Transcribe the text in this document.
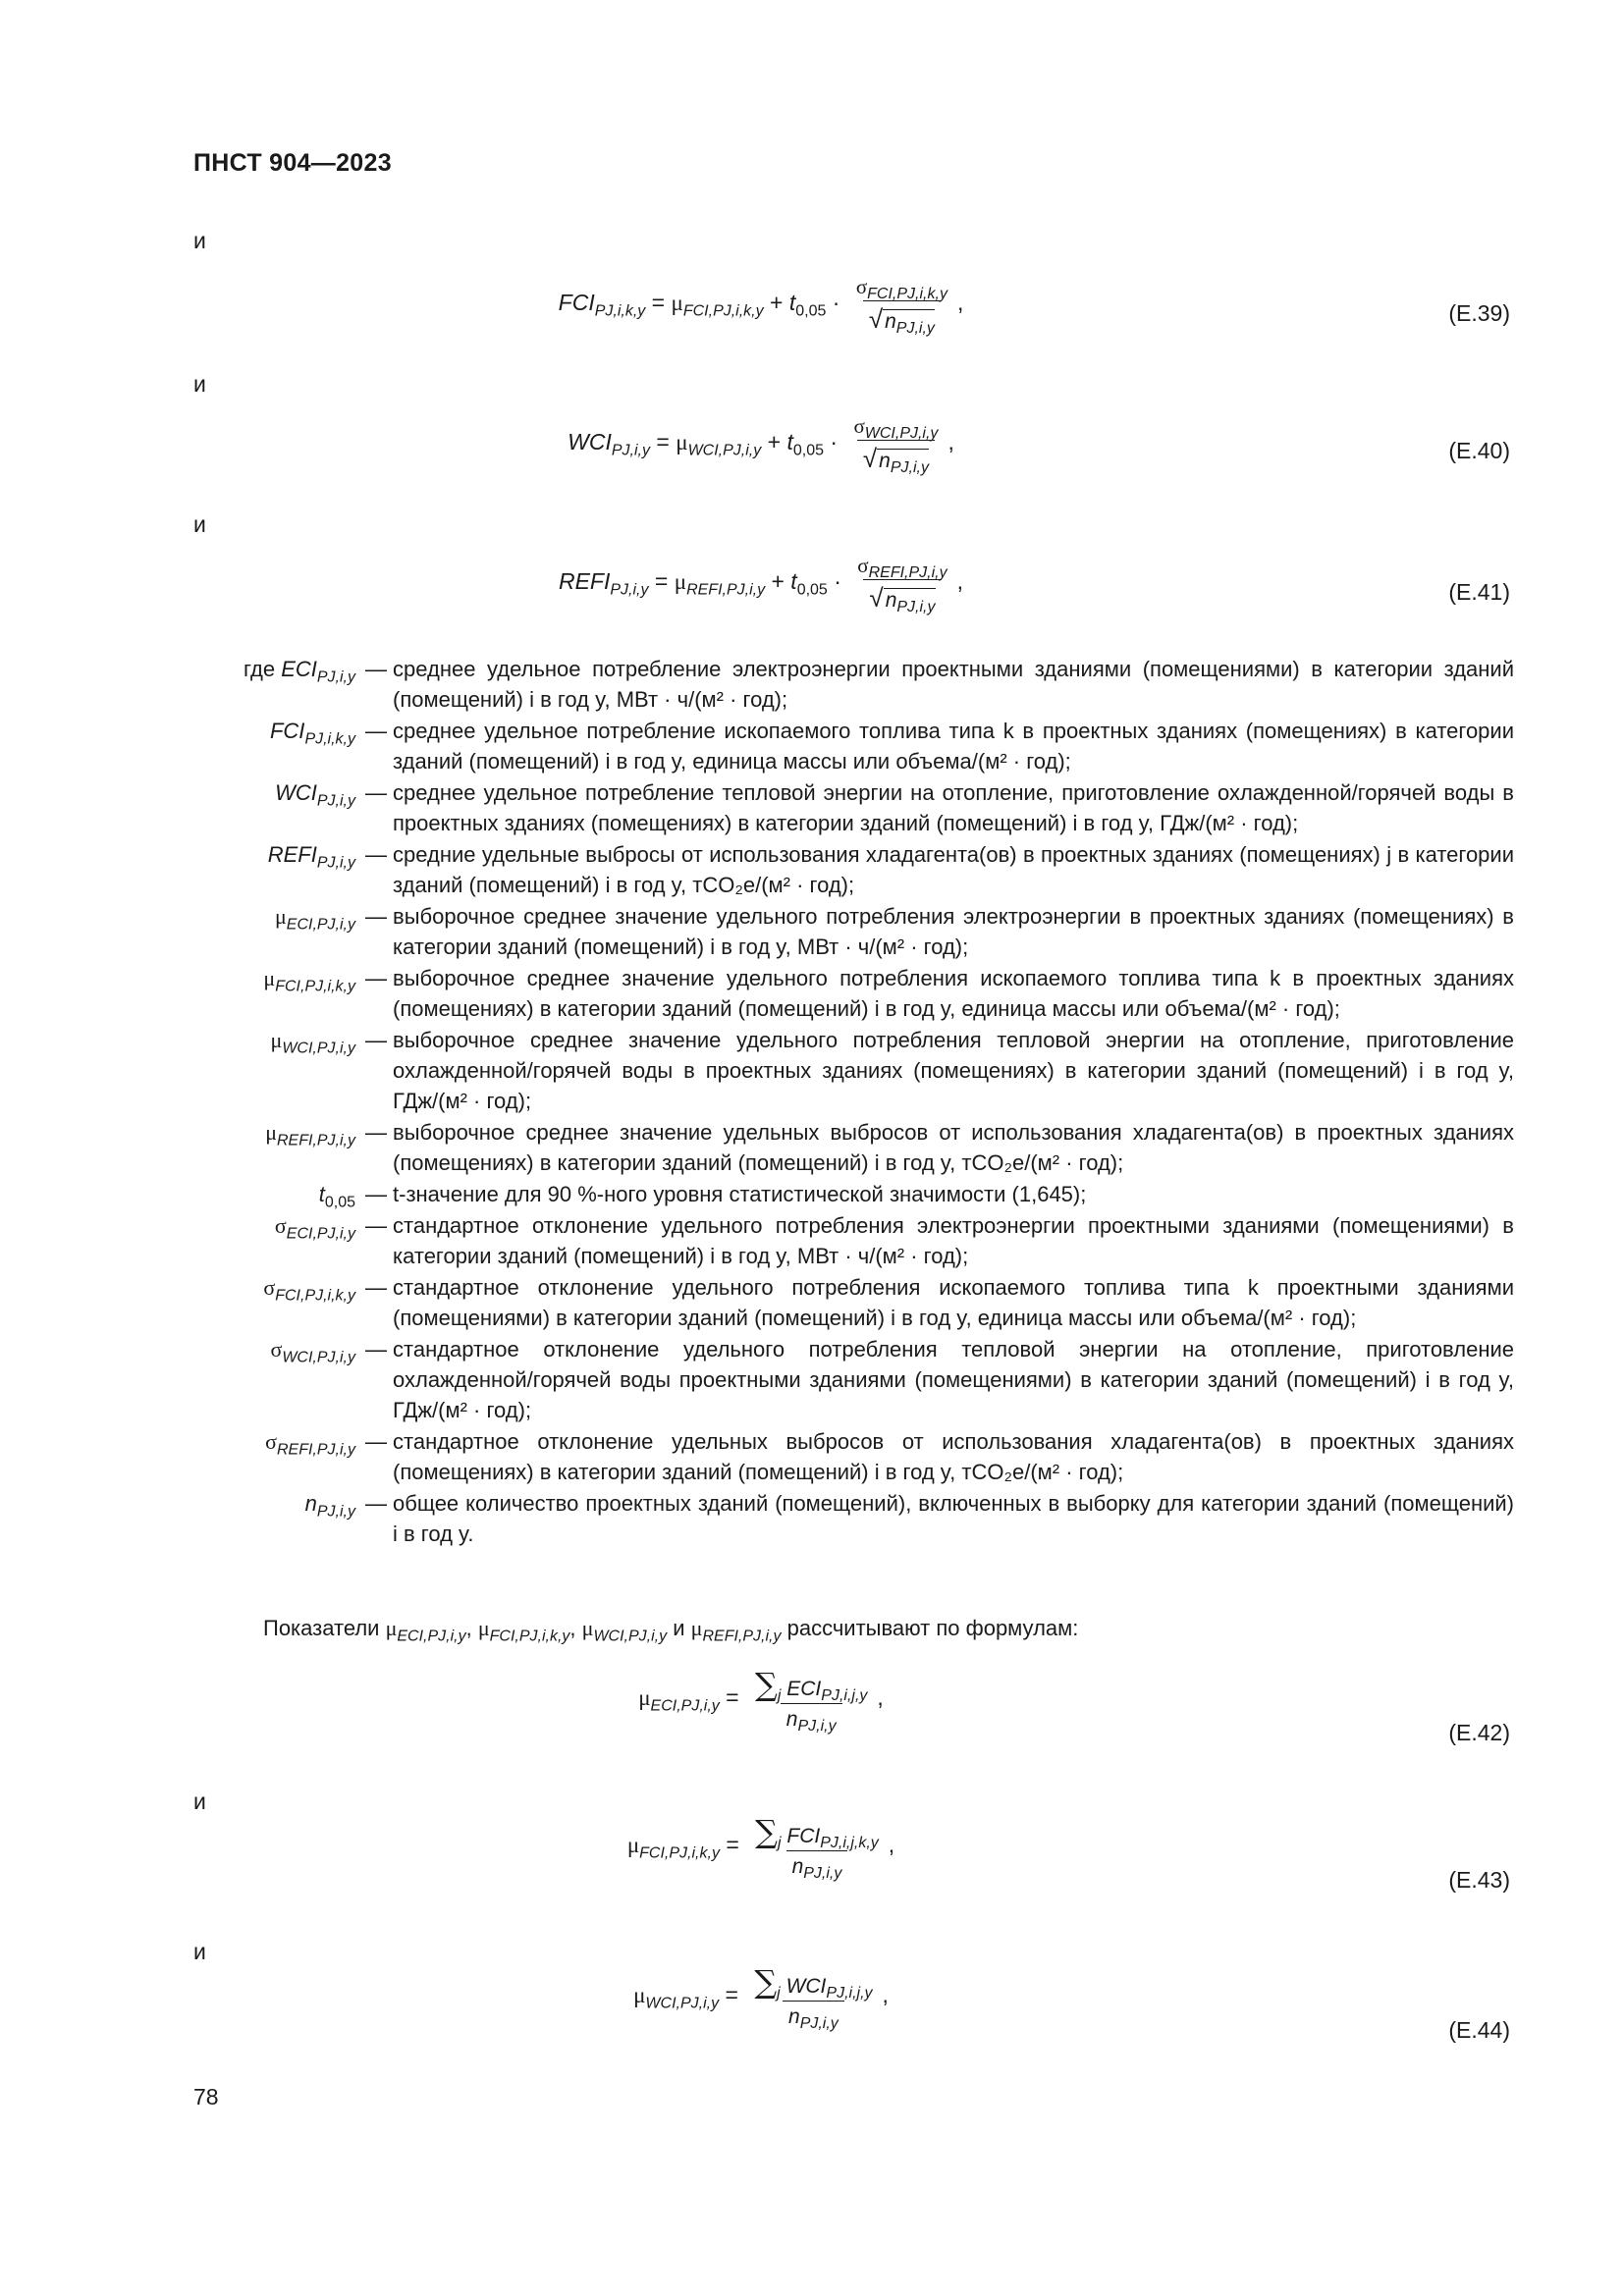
ПНСТ 904—2023
и
$FCI_{PJ,i,k,y} = \mu_{FCI,PJ,i,k,y} + t_{0,05} \cdot \frac{\sigma_{FCI,PJ,i,k,y}}{√n_{PJ,i,y}}$ ,	(Е.39)
и
$WCI_{PJ,i,y} = \mu_{WCI,PJ,i,y} + t_{0,05} \cdot \frac{\sigma_{WCI,PJ,i,y}}{√n_{PJ,i,y}}$ ,	(Е.40)
и
$REFI_{PJ,i,y} = \mu_{REFI,PJ,i,y} + t_{0,05} \cdot \frac{\sigma_{REFI,PJ,i,y}}{√n_{PJ,i,y}}$ ,	(Е.41)
где $ECI_{PJ,i,y}$ — среднее удельное потребление электроэнергии проектными зданиями (помещениями) в категории зданий (помещений) i в год y, МВт · ч/(м² · год);
$FCI_{PJ,i,k,y}$ — среднее удельное потребление ископаемого топлива типа k в проектных зданиях (помещениях) в категории зданий (помещений) i в год y, единица массы или объема/(м² · год);
$WCI_{PJ,i,y}$ — среднее удельное потребление тепловой энергии на отопление, приготовление охлажденной/горячей воды в проектных зданиях (помещениях) в категории зданий (помещений) i в год y, ГДж/(м² · год);
$REFI_{PJ,i,y}$ — средние удельные выбросы от использования хладагента(ов) в проектных зданиях (помещениях) j в категории зданий (помещений) i в год y, тCO₂e/(м² · год);
$\mu_{ECI,PJ,i,y}$ — выборочное среднее значение удельного потребления электроэнергии в проектных зданиях (помещениях) в категории зданий (помещений) i в год y, МВт · ч/(м² · год);
$\mu_{FCI,PJ,i,k,y}$ — выборочное среднее значение удельного потребления ископаемого топлива типа k в проектных зданиях (помещениях) в категории зданий (помещений) i в год y, единица массы или объема/(м² · год);
$\mu_{WCI,PJ,i,y}$ — выборочное среднее значение удельного потребления тепловой энергии на отопление, приготовление охлажденной/горячей воды в проектных зданиях (помещениях) в категории зданий (помещений) i в год y, ГДж/(м² · год);
$\mu_{REFI,PJ,i,y}$ — выборочное среднее значение удельных выбросов от использования хладагента(ов) в проектных зданиях (помещениях) в категории зданий (помещений) i в год y, тCO₂e/(м² · год);
$t_{0,05}$ — t-значение для 90 %-ного уровня статистической значимости (1,645);
$\sigma_{ECI,PJ,i,y}$ — стандартное отклонение удельного потребления электроэнергии проектными зданиями (помещениями) в категории зданий (помещений) i в год y, МВт · ч/(м² · год);
$\sigma_{FCI,PJ,i,k,y}$ — стандартное отклонение удельного потребления ископаемого топлива типа k проектными зданиями (помещениями) в категории зданий (помещений) i в год y, единица массы или объема/(м² · год);
$\sigma_{WCI,PJ,i,y}$ — стандартное отклонение удельного потребления тепловой энергии на отопление, приготовление охлажденной/горячей воды проектными зданиями (помещениями) в категории зданий (помещений) i в год y, ГДж/(м² · год);
$\sigma_{REFI,PJ,i,y}$ — стандартное отклонение удельных выбросов от использования хладагента(ов) в проектных зданиях (помещениях) в категории зданий (помещений) i в год y, тCO₂e/(м² · год);
$n_{PJ,i,y}$ — общее количество проектных зданий (помещений), включенных в выборку для категории зданий (помещений) i в год y.
Показатели $\mu_{ECI,PJ,i,y}$, $\mu_{FCI,PJ,i,k,y}$, $\mu_{WCI,PJ,i,y}$ и $\mu_{REFI,PJ,i,y}$ рассчитывают по формулам:
$\mu_{ECI,PJ,i,y} = \frac{\sum_j ECI_{PJ,i,j,y}}{n_{PJ,i,y}}$ ,
(Е.42)
и
$\mu_{FCI,PJ,i,k,y} = \frac{\sum_j FCI_{PJ,i,j,k,y}}{n_{PJ,i,y}}$ ,
(Е.43)
и
$\mu_{WCI,PJ,i,y} = \frac{\sum_j WCI_{PJ,i,j,y}}{n_{PJ,i,y}}$ ,
(Е.44)
78
